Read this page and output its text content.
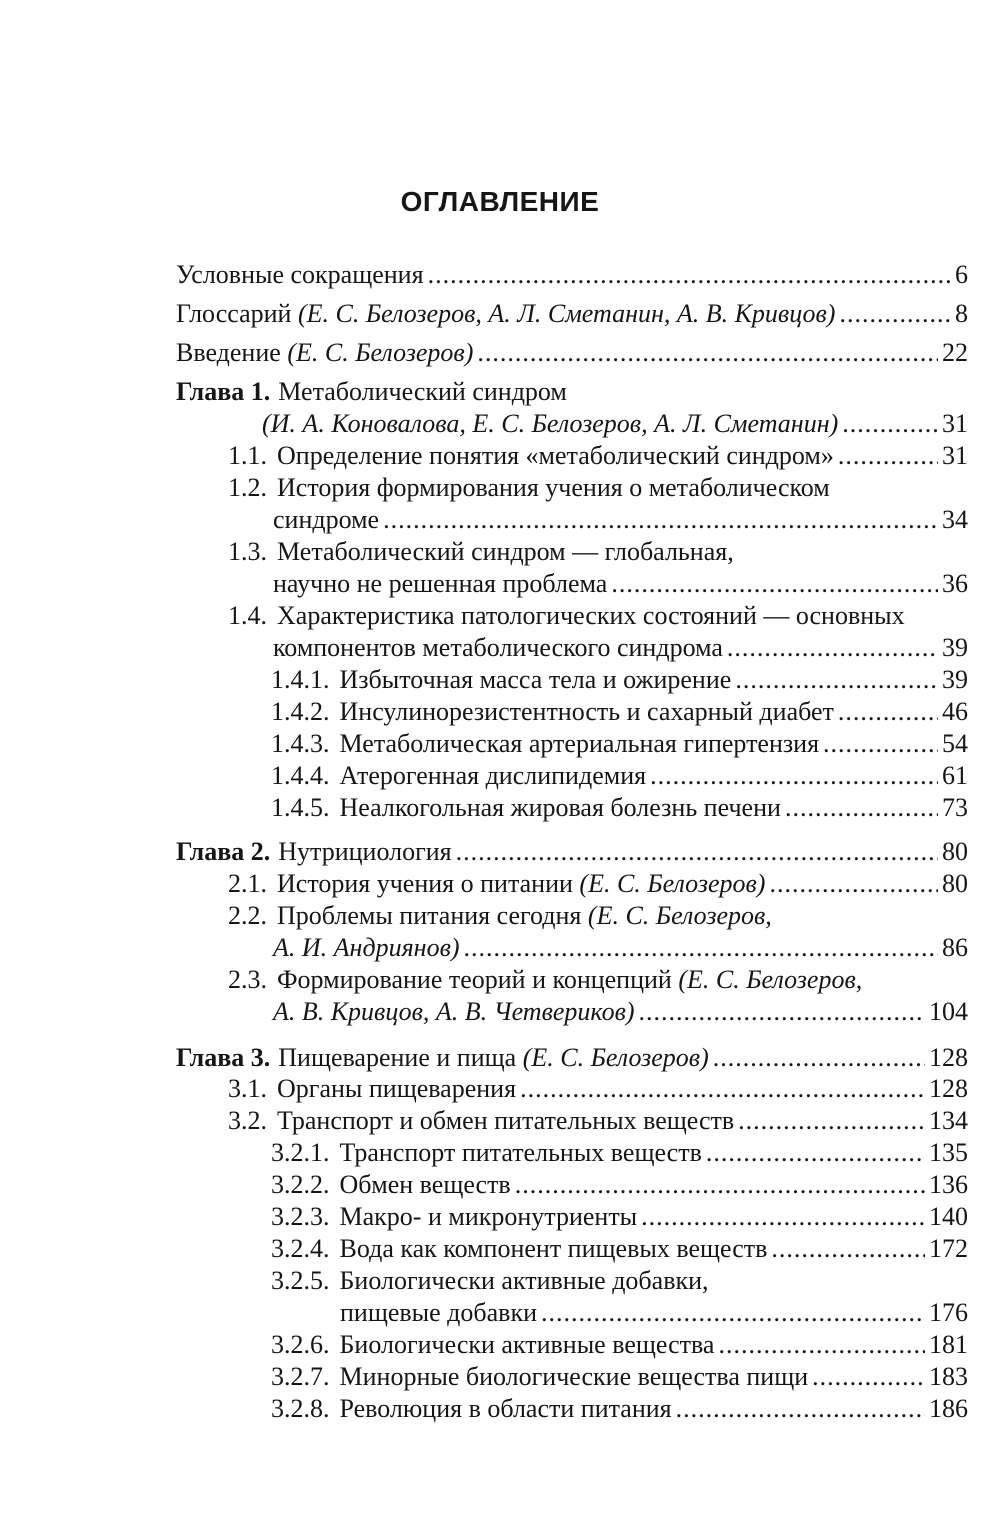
ОГЛАВЛЕНИЕ
Условные сокращения .....	6
Глоссарий (Е. С. Белозеров, А. Л. Сметанин, А. В. Кривцов) .....	8
Введение (Е. С. Белозеров) .....	22
Глава 1. Метаболический синдром
(И. А. Коновалова, Е. С. Белозеров, А. Л. Сметанин) .....	31
1.1. Определение понятия «метаболический синдром» .....	31
1.2. История формирования учения о метаболическом
синдроме .....	34
1.3. Метаболический синдром — глобальная,
научно не решенная проблема .....	36
1.4. Характеристика патологических состояний — основных
компонентов метаболического синдрома .....	39
1.4.1. Избыточная масса тела и ожирение .....	39
1.4.2. Инсулинорезистентность и сахарный диабет .....	46
1.4.3. Метаболическая артериальная гипертензия .....	54
1.4.4. Атерогенная дислипидемия .....	61
1.4.5. Неалкогольная жировая болезнь печени .....	73
Глава 2. Нутрициология .....	80
2.1. История учения о питании (Е. С. Белозеров) .....	80
2.2. Проблемы питания сегодня (Е. С. Белозеров,
А. И. Андриянов) .....	86
2.3. Формирование теорий и концепций (Е. С. Белозеров,
А. В. Кривцов, А. В. Четвериков) .....	104
Глава 3. Пищеварение и пища (Е. С. Белозеров) .....	128
3.1. Органы пищеварения .....	128
3.2. Транспорт и обмен питательных веществ .....	134
3.2.1. Транспорт питательных веществ .....	135
3.2.2. Обмен веществ .....	136
3.2.3. Макро- и микронутриенты .....	140
3.2.4. Вода как компонент пищевых веществ .....	172
3.2.5. Биологически активные добавки,
пищевые добавки .....	176
3.2.6. Биологически активные вещества .....	181
3.2.7. Минорные биологические вещества пищи .....	183
3.2.8. Революция в области питания .....	186
